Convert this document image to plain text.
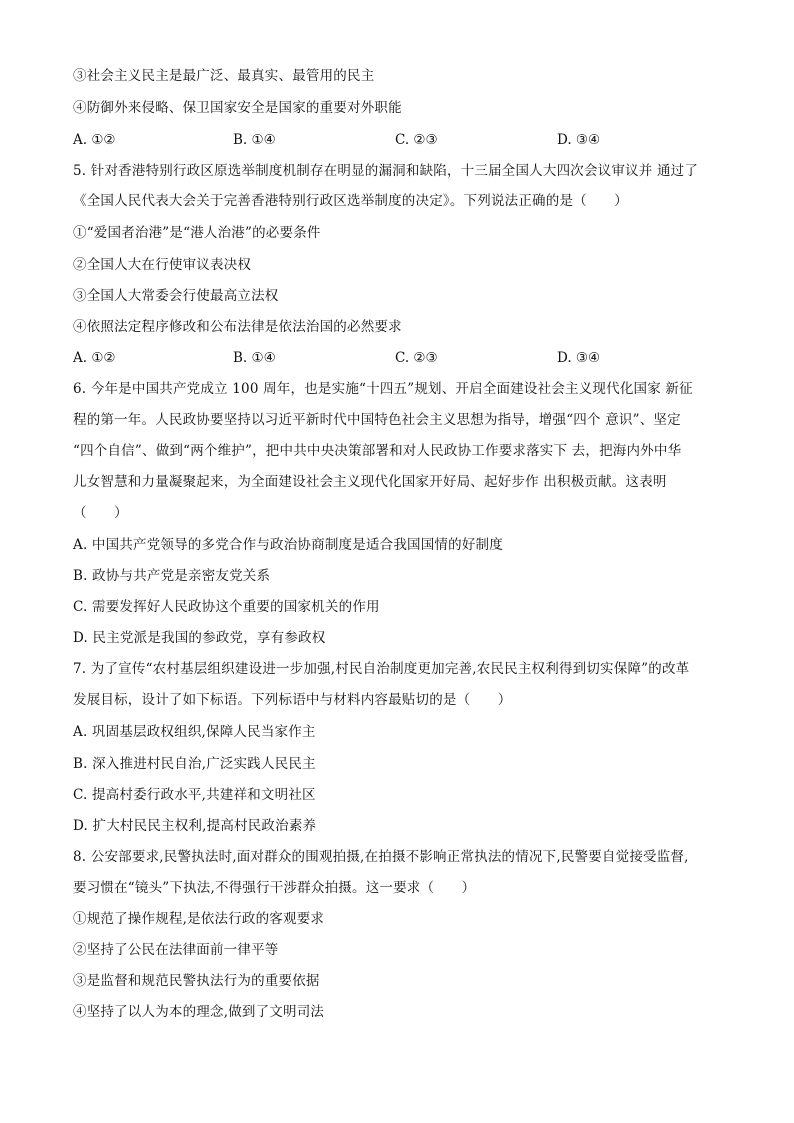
③社会主义民主是最广泛、最真实、最管用的民主
④防御外来侵略、保卫国家安全是国家的重要对外职能
A. ①②	B. ①④	C. ②③	D. ③④
5. 针对香港特别行政区原选举制度机制存在明显的漏洞和缺陷，十三届全国人大四次会议审议并 通过了
《全国人民代表大会关于完善香港特别行政区选举制度的决定》。下列说法正确的是（　　）
①“爱国者治港”是“港人治港”的必要条件
②全国人大在行使审议表决权
③全国人大常委会行使最高立法权
④依照法定程序修改和公布法律是依法治国的必然要求
A. ①②	B. ①④	C. ②③	D. ③④
6. 今年是中国共产党成立 100 周年，也是实施“十四五”规划、开启全面建设社会主义现代化国家 新征
程的第一年。人民政协要坚持以习近平新时代中国特色社会主义思想为指导，增强“四个 意识”、坚定
“四个自信”、做到“两个维护”，把中共中央决策部署和对人民政协工作要求落实下 去，把海内外中华
儿女智慧和力量凝聚起来，为全面建设社会主义现代化国家开好局、起好步作 出积极贡献。这表明
（　　）
A. 中国共产党领导的多党合作与政治协商制度是适合我国国情的好制度
B. 政协与共产党是亲密友党关系
C. 需要发挥好人民政协这个重要的国家机关的作用
D. 民主党派是我国的参政党，享有参政权
7. 为了宣传“农村基层组织建设进一步加强,村民自治制度更加完善,农民民主权利得到切实保障”的改革
发展目标，设计了如下标语。下列标语中与材料内容最贴切的是（　　）
A. 巩固基层政权组织,保障人民当家作主
B. 深入推进村民自治,广泛实践人民民主
C. 提高村委行政水平,共建祥和文明社区
D. 扩大村民民主权利,提高村民政治素养
8. 公安部要求,民警执法时,面对群众的围观拍摄,在拍摄不影响正常执法的情况下,民警要自觉接受监督,
要习惯在“镜头”下执法,不得强行干涉群众拍摄。这一要求（　　）
①规范了操作规程,是依法行政的客观要求
②坚持了公民在法律面前一律平等
③是监督和规范民警执法行为的重要依据
④坚持了以人为本的理念,做到了文明司法
